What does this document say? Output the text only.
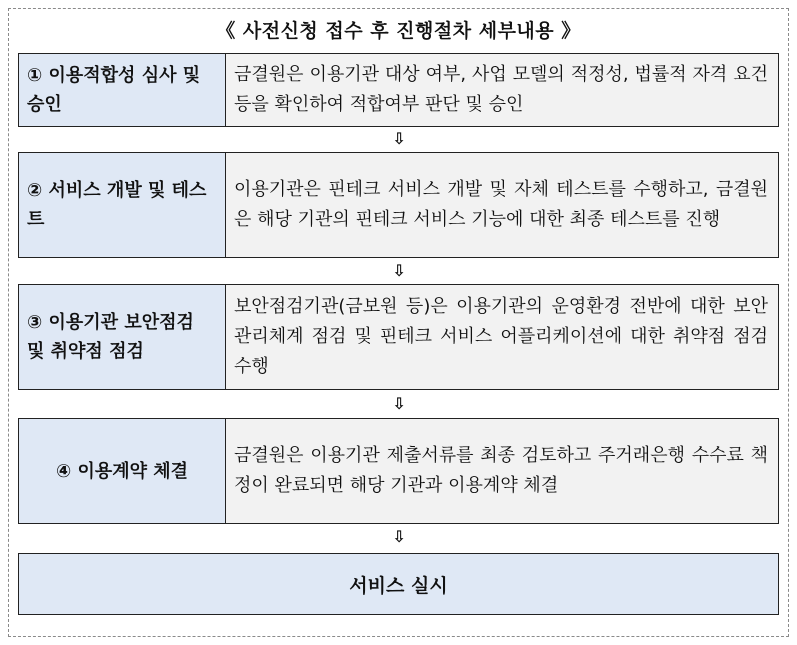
《 사전신청 접수 후 진행절차 세부내용 》
① 이용적합성 심사 및 승인
금결원은 이용기관 대상 여부, 사업 모델의 적정성, 법률적 자격 요건 등을 확인하여 적합여부 판단 및 승인
⇩
② 서비스 개발 및 테스트
이용기관은 핀테크 서비스 개발 및 자체 테스트를 수행하고, 금결원은 해당 기관의 핀테크 서비스 기능에 대한 최종 테스트를 진행
⇩
③ 이용기관 보안점검 및 취약점 점검
보안점검기관(금보원 등)은 이용기관의 운영환경 전반에 대한 보안관리체계 점검 및 핀테크 서비스 어플리케이션에 대한 취약점 점검 수행
⇩
④ 이용계약 체결
금결원은 이용기관 제출서류를 최종 검토하고 주거래은행 수수료 책정이 완료되면 해당 기관과 이용계약 체결
⇩
서비스 실시
